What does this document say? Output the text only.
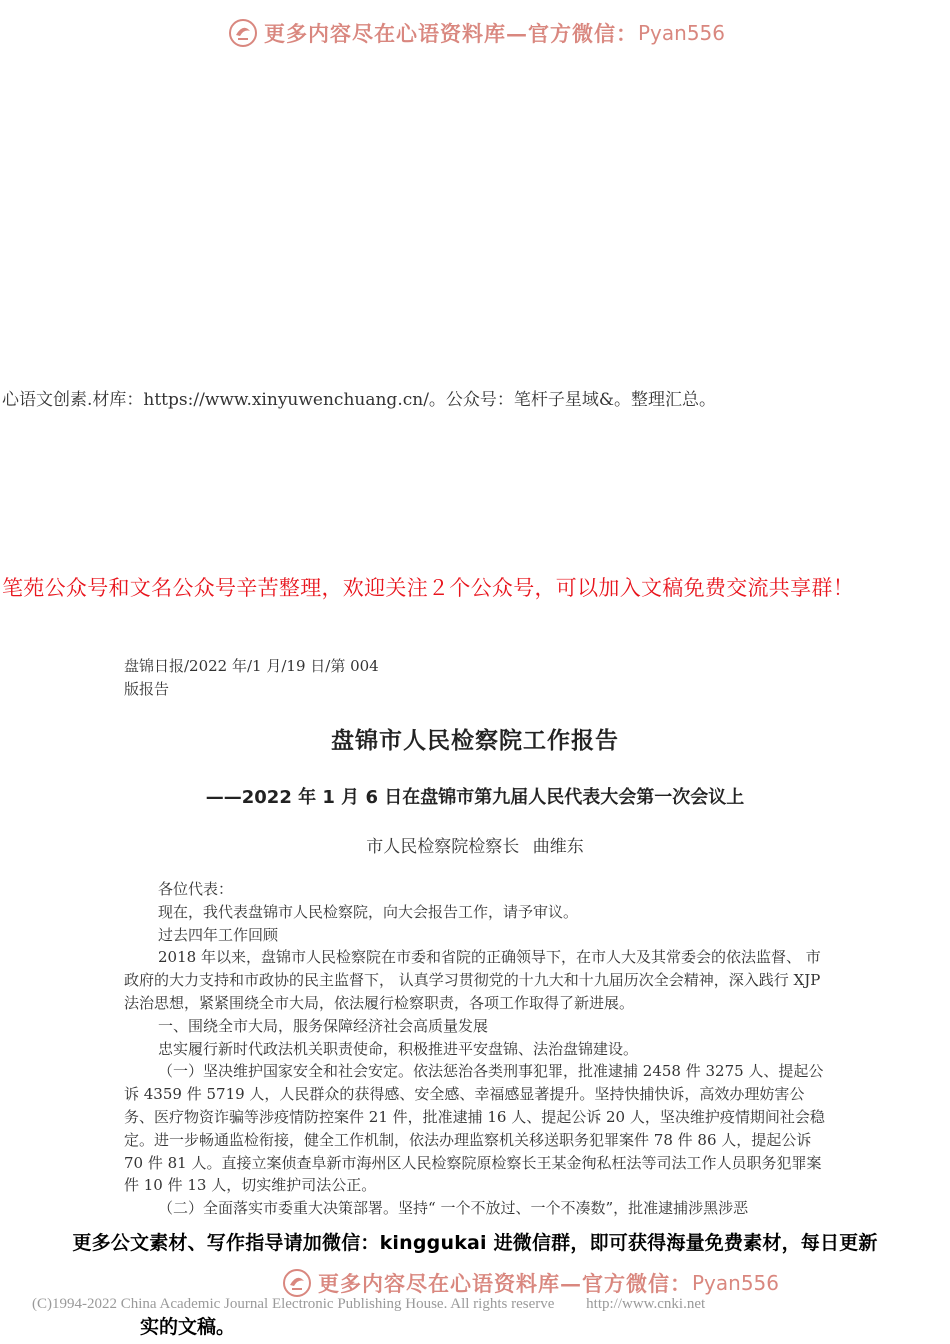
更多内容尽在心语资料库—官方微信： Pyan556
心语文创素.材库：https://www.xinyuwenchuang.cn/。公众号：笔杆子星域&。整理汇总。
笔苑公众号和文名公众号辛苦整理，欢迎关注２个公众号，可以加入文稿免费交流共享群！
盘锦日报/2022 年/1 月/19 日/第 004
版报告
盘锦市人民检察院工作报告
——2022 年 1 月 6 日在盘锦市第九届人民代表大会第一次会议上
市人民检察院检察长 曲维东

各位代表：

现在，我代表盘锦市人民检察院，向大会报告工作，请予审议。

过去四年工作回顾

2018 年以来，盘锦市人民检察院在市委和省院的正确领导下，在市人大及其常委会的依法监督、 市政府的大力支持和市政协的民主监督下， 认真学习贯彻党的十九大和十九届历次全会精神，深入践行 XJP 法治思想，紧紧围绕全市大局，依法履行检察职责，各项工作取得了新进展。

一、围绕全市大局，服务保障经济社会高质量发展

忠实履行新时代政法机关职责使命，积极推进平安盘锦、法治盘锦建设。

（一）坚决维护国家安全和社会安定。依法惩治各类刑事犯罪，批准逮捕 2458 件 3275 人、提起公诉 4359 件 5719 人，人民群众的获得感、安全感、幸福感显著提升。坚持快捕快诉，高效办理妨害公务、医疗物资诈骗等涉疫情防控案件 21 件，批准逮捕 16 人、提起公诉 20 人，坚决维护疫情期间社会稳定。进一步畅通监检衔接，健全工作机制，依法办理监察机关移送职务犯罪案件 78 件 86 人，提起公诉 70 件 81 人。直接立案侦查阜新市海州区人民检察院原检察长王某金徇私枉法等司法工作人员职务犯罪案件 10 件 13 人，切实维护司法公正。

（二）全面落实市委重大决策部署。坚持“ 一个不放过、一个不凑数”，批准逮捕涉黑涉恶

更多公文素材、写作指导请加微信：kinggukai 进微信群，即可获得海量免费素材，每日更新
更多内容尽在心语资料库—官方微信： Pyan556
(C)1994-2022 China Academic Journal Electronic Publishing House. All rights reserve http://www.cnki.net
实的文稿。
